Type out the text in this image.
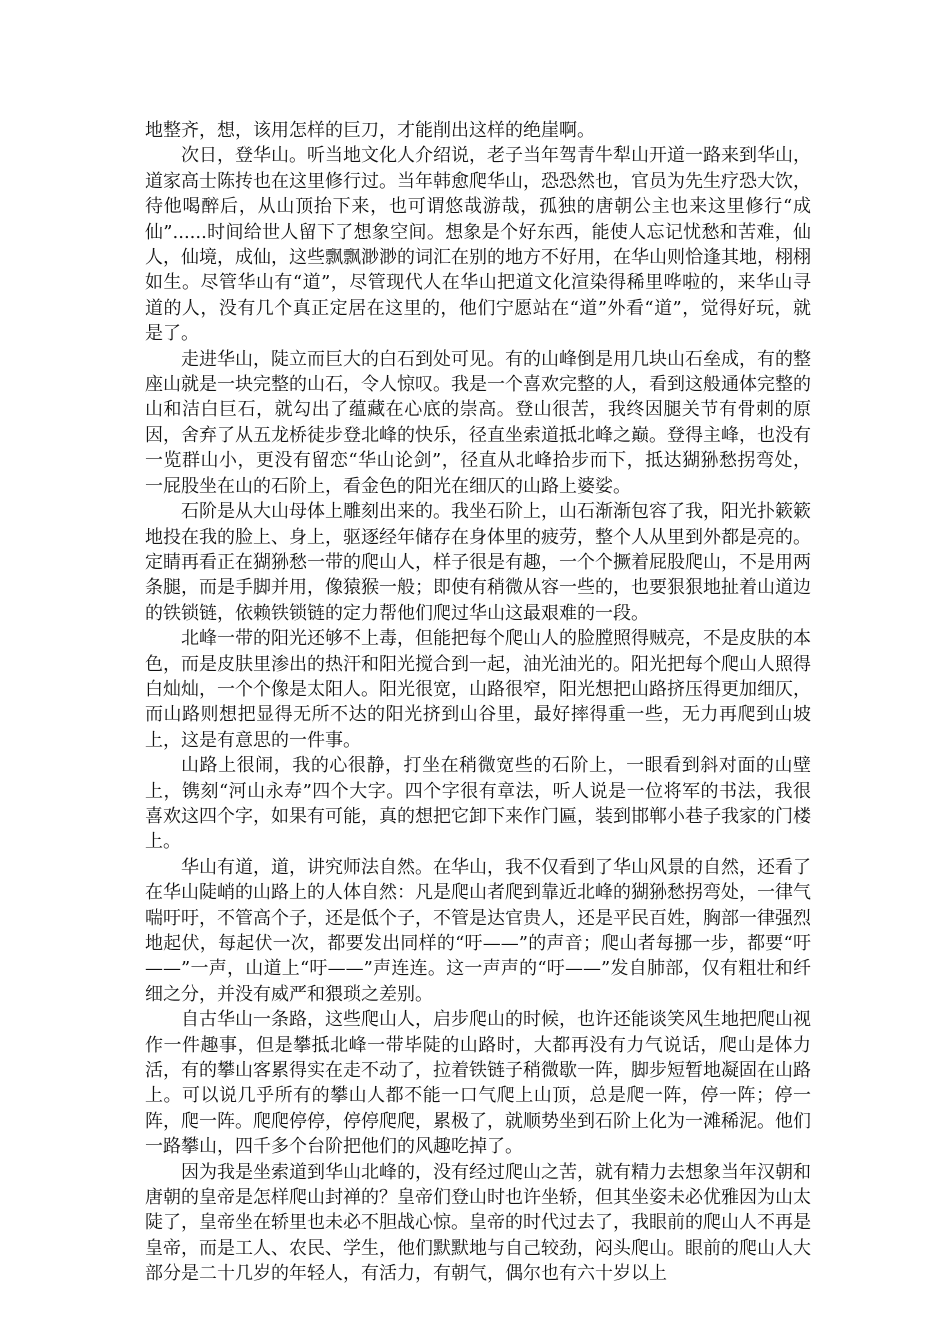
地整齐，想，该用怎样的巨刀，才能削出这样的绝崖啊。

次日，登华山。听当地文化人介绍说，老子当年驾青牛犁山开道一路来到华山，道家高士陈抟也在这里修行过。当年韩愈爬华山，恐恐然也，官员为先生疗恐大饮，待他喝醉后，从山顶抬下来，也可谓悠哉游哉，孤独的唐朝公主也来这里修行“成仙”......时间给世人留下了想象空间。想象是个好东西，能使人忘记忧愁和苦难，仙人，仙境，成仙，这些飘飘渺渺的词汇在别的地方不好用，在华山则恰逢其地，栩栩如生。尽管华山有“道”，尽管现代人在华山把道文化渲染得稀里哗啦的，来华山寻道的人，没有几个真正定居在这里的，他们宁愿站在“道”外看“道”，觉得好玩，就是了。

走进华山，陡立而巨大的白石到处可见。有的山峰倒是用几块山石垒成，有的整座山就是一块完整的山石，令人惊叹。我是一个喜欢完整的人，看到这般通体完整的山和洁白巨石，就勾出了蕴藏在心底的崇高。登山很苦，我终因腿关节有骨刺的原因，舍弃了从五龙桥徒步登北峰的快乐，径直坐索道抵北峰之巅。登得主峰，也没有一览群山小，更没有留恋“华山论剑”，径直从北峰拾步而下，抵达猢狲愁拐弯处，一屁股坐在山的石阶上，看金色的阳光在细仄的山路上婆娑。

石阶是从大山母体上雕刻出来的。我坐石阶上，山石渐渐包容了我，阳光扑簌簌地投在我的脸上、身上，驱逐经年储存在身体里的疲劳，整个人从里到外都是亮的。定睛再看正在猢狲愁一带的爬山人，样子很是有趣，一个个撅着屁股爬山，不是用两条腿，而是手脚并用，像猿猴一般；即使有稍微从容一些的，也要狠狠地扯着山道边的铁锁链，依赖铁锁链的定力帮他们爬过华山这最艰难的一段。

北峰一带的阳光还够不上毒，但能把每个爬山人的脸膛照得贼亮，不是皮肤的本色，而是皮肤里渗出的热汗和阳光搅合到一起，油光油光的。阳光把每个爬山人照得白灿灿，一个个像是太阳人。阳光很宽，山路很窄，阳光想把山路挤压得更加细仄，而山路则想把显得无所不达的阳光挤到山谷里，最好摔得重一些，无力再爬到山坡上，这是有意思的一件事。

山路上很闹，我的心很静，打坐在稍微宽些的石阶上，一眼看到斜对面的山壁上，镌刻“河山永寿”四个大字。四个字很有章法，听人说是一位将军的书法，我很喜欢这四个字，如果有可能，真的想把它卸下来作门匾，装到邯郸小巷子我家的门楼上。

华山有道，道，讲究师法自然。在华山，我不仅看到了华山风景的自然，还看了在华山陡峭的山路上的人体自然：凡是爬山者爬到靠近北峰的猢狲愁拐弯处，一律气喘吁吁，不管高个子，还是低个子，不管是达官贵人，还是平民百姓，胸部一律强烈地起伏，每起伏一次，都要发出同样的“吁——”的声音；爬山者每挪一步，都要“吁——”一声，山道上“吁——”声连连。这一声声的“吁——”发自肺部，仅有粗壮和纤细之分，并没有威严和猥琐之差别。

自古华山一条路，这些爬山人，启步爬山的时候，也许还能谈笑风生地把爬山视作一件趣事，但是攀抵北峰一带毕陡的山路时，大都再没有力气说话，爬山是体力活，有的攀山客累得实在走不动了，拉着铁链子稍微歇一阵，脚步短暂地凝固在山路上。可以说几乎所有的攀山人都不能一口气爬上山顶，总是爬一阵，停一阵；停一阵，爬一阵。爬爬停停，停停爬爬，累极了，就顺势坐到石阶上化为一滩稀泥。他们一路攀山，四千多个台阶把他们的风趣吃掉了。

因为我是坐索道到华山北峰的，没有经过爬山之苦，就有精力去想象当年汉朝和唐朝的皇帝是怎样爬山封禅的？皇帝们登山时也许坐轿，但其坐姿未必优雅因为山太陡了，皇帝坐在轿里也未必不胆战心惊。皇帝的时代过去了，我眼前的爬山人不再是皇帝，而是工人、农民、学生，他们默默地与自己较劲，闷头爬山。眼前的爬山人大部分是二十几岁的年轻人，有活力，有朝气，偶尔也有六十岁以上
